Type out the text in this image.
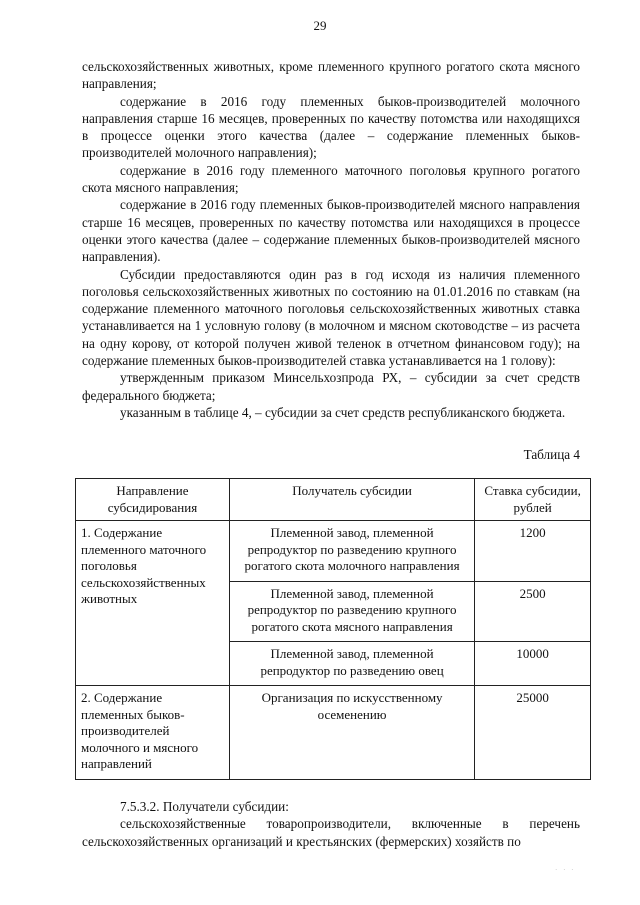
29

сельскохозяйственных животных, кроме племенного крупного рогатого скота мясного направления;

содержание в 2016 году племенных быков-производителей молочного направления старше 16 месяцев, проверенных по качеству потомства или находящихся в процессе оценки этого качества (далее – содержание племенных быков-производителей молочного направления);

содержание в 2016 году племенного маточного поголовья крупного рогатого скота мясного направления;

содержание в 2016 году племенных быков-производителей мясного направления старше 16 месяцев, проверенных по качеству потомства или находящихся в процессе оценки этого качества (далее – содержание племенных быков-производителей мясного направления).

Субсидии предоставляются один раз в год исходя из наличия племенного поголовья сельскохозяйственных животных по состоянию на 01.01.2016 по ставкам (на содержание племенного маточного поголовья сельскохозяйственных животных ставка устанавливается на 1 условную голову (в молочном и мясном скотоводстве – из расчета на одну корову, от которой получен живой теленок в отчетном финансовом году); на содержание племенных быков-производителей ставка устанавливается на 1 голову):

утвержденным приказом Минсельхозпрода РХ, – субсидии за счет средств федерального бюджета;

указанным в таблице 4, – субсидии за счет средств республиканского бюджета.

Таблица 4
Направление субсидирования	Получатель субсидии	Ставка субсидии, рублей
1. Содержание племенного маточного поголовья сельскохозяйственных животных	Племенной завод, племенной репродуктор по разведению крупного рогатого скота молочного направления	1200
	Племенной завод, племенной репродуктор по разведению крупного рогатого скота мясного направления	2500
	Племенной завод, племенной репродуктор по разведению овец	10000
2. Содержание племенных быков-производителей молочного и мясного направлений	Организация по искусственному осеменению	25000

7.5.3.2. Получатели субсидии:

сельскохозяйственные товаропроизводители, включенные в перечень сельскохозяйственных организаций и крестьянских (фермерских) хозяйств по

· · ·
